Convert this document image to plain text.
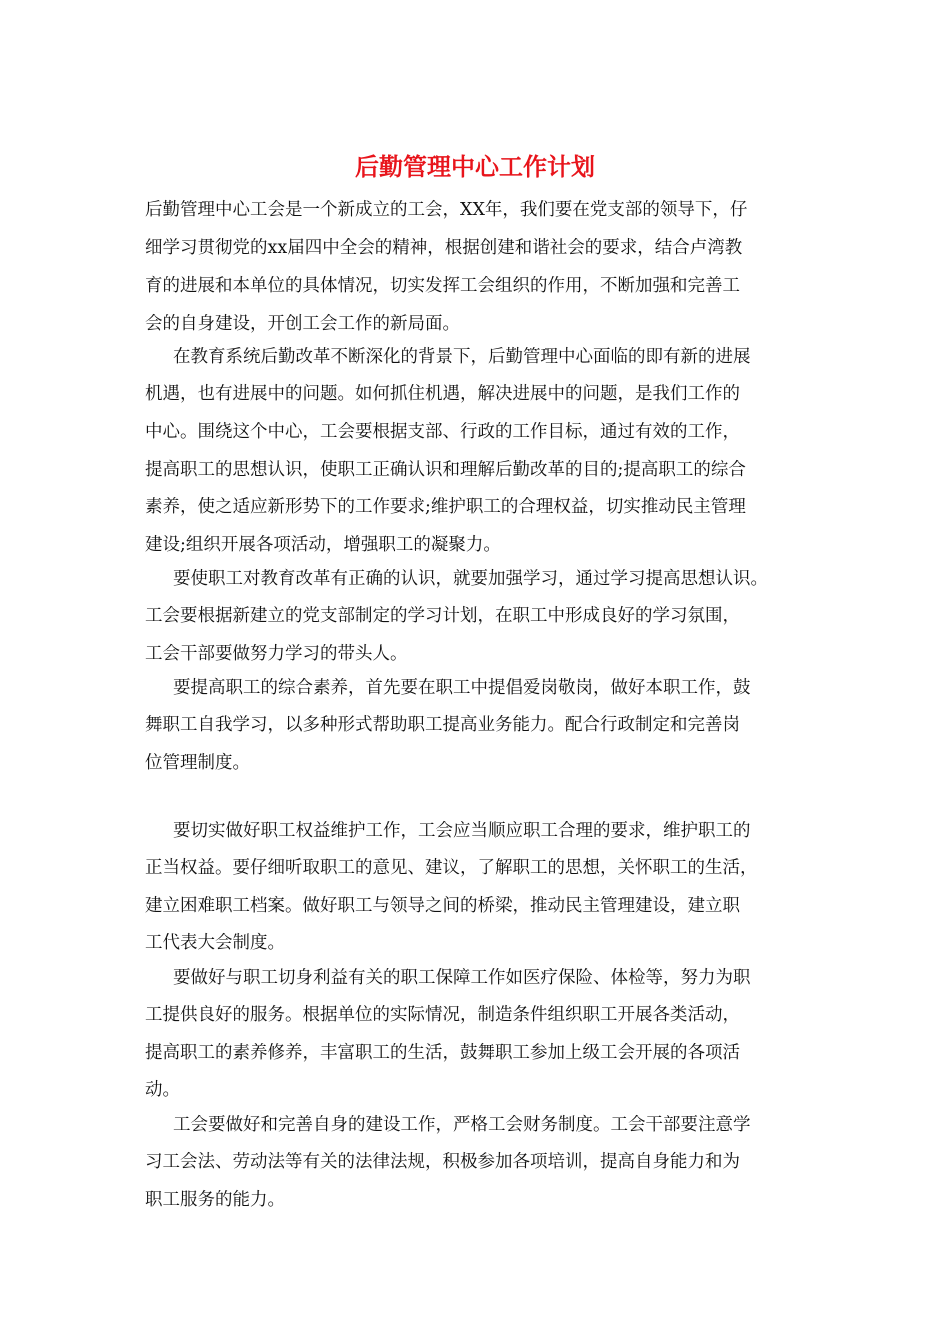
后勤管理中心工作计划

后勤管理中心工会是一个新成立的工会，XX年，我们要在党支部的领导下，仔

细学习贯彻党的xx届四中全会的精神，根据创建和谐社会的要求，结合卢湾教

育的进展和本单位的具体情况，切实发挥工会组织的作用，不断加强和完善工

会的自身建设，开创工会工作的新局面。

在教育系统后勤改革不断深化的背景下，后勤管理中心面临的即有新的进展

机遇，也有进展中的问题。如何抓住机遇，解决进展中的问题，是我们工作的

中心。围绕这个中心，工会要根据支部、行政的工作目标，通过有效的工作，

提高职工的思想认识，使职工正确认识和理解后勤改革的目的;提高职工的综合

素养，使之适应新形势下的工作要求;维护职工的合理权益，切实推动民主管理

建设;组织开展各项活动，增强职工的凝聚力。

要使职工对教育改革有正确的认识，就要加强学习，通过学习提高思想认识。

工会要根据新建立的党支部制定的学习计划，在职工中形成良好的学习氛围，

工会干部要做努力学习的带头人。

要提高职工的综合素养，首先要在职工中提倡爱岗敬岗，做好本职工作，鼓

舞职工自我学习，以多种形式帮助职工提高业务能力。配合行政制定和完善岗

位管理制度。

要切实做好职工权益维护工作，工会应当顺应职工合理的要求，维护职工的

正当权益。要仔细听取职工的意见、建议，了解职工的思想，关怀职工的生活，

建立困难职工档案。做好职工与领导之间的桥梁，推动民主管理建设，建立职

工代表大会制度。

要做好与职工切身利益有关的职工保障工作如医疗保险、体检等，努力为职

工提供良好的服务。根据单位的实际情况，制造条件组织职工开展各类活动，

提高职工的素养修养，丰富职工的生活，鼓舞职工参加上级工会开展的各项活

动。

工会要做好和完善自身的建设工作，严格工会财务制度。工会干部要注意学

习工会法、劳动法等有关的法律法规，积极参加各项培训，提高自身能力和为

职工服务的能力。
